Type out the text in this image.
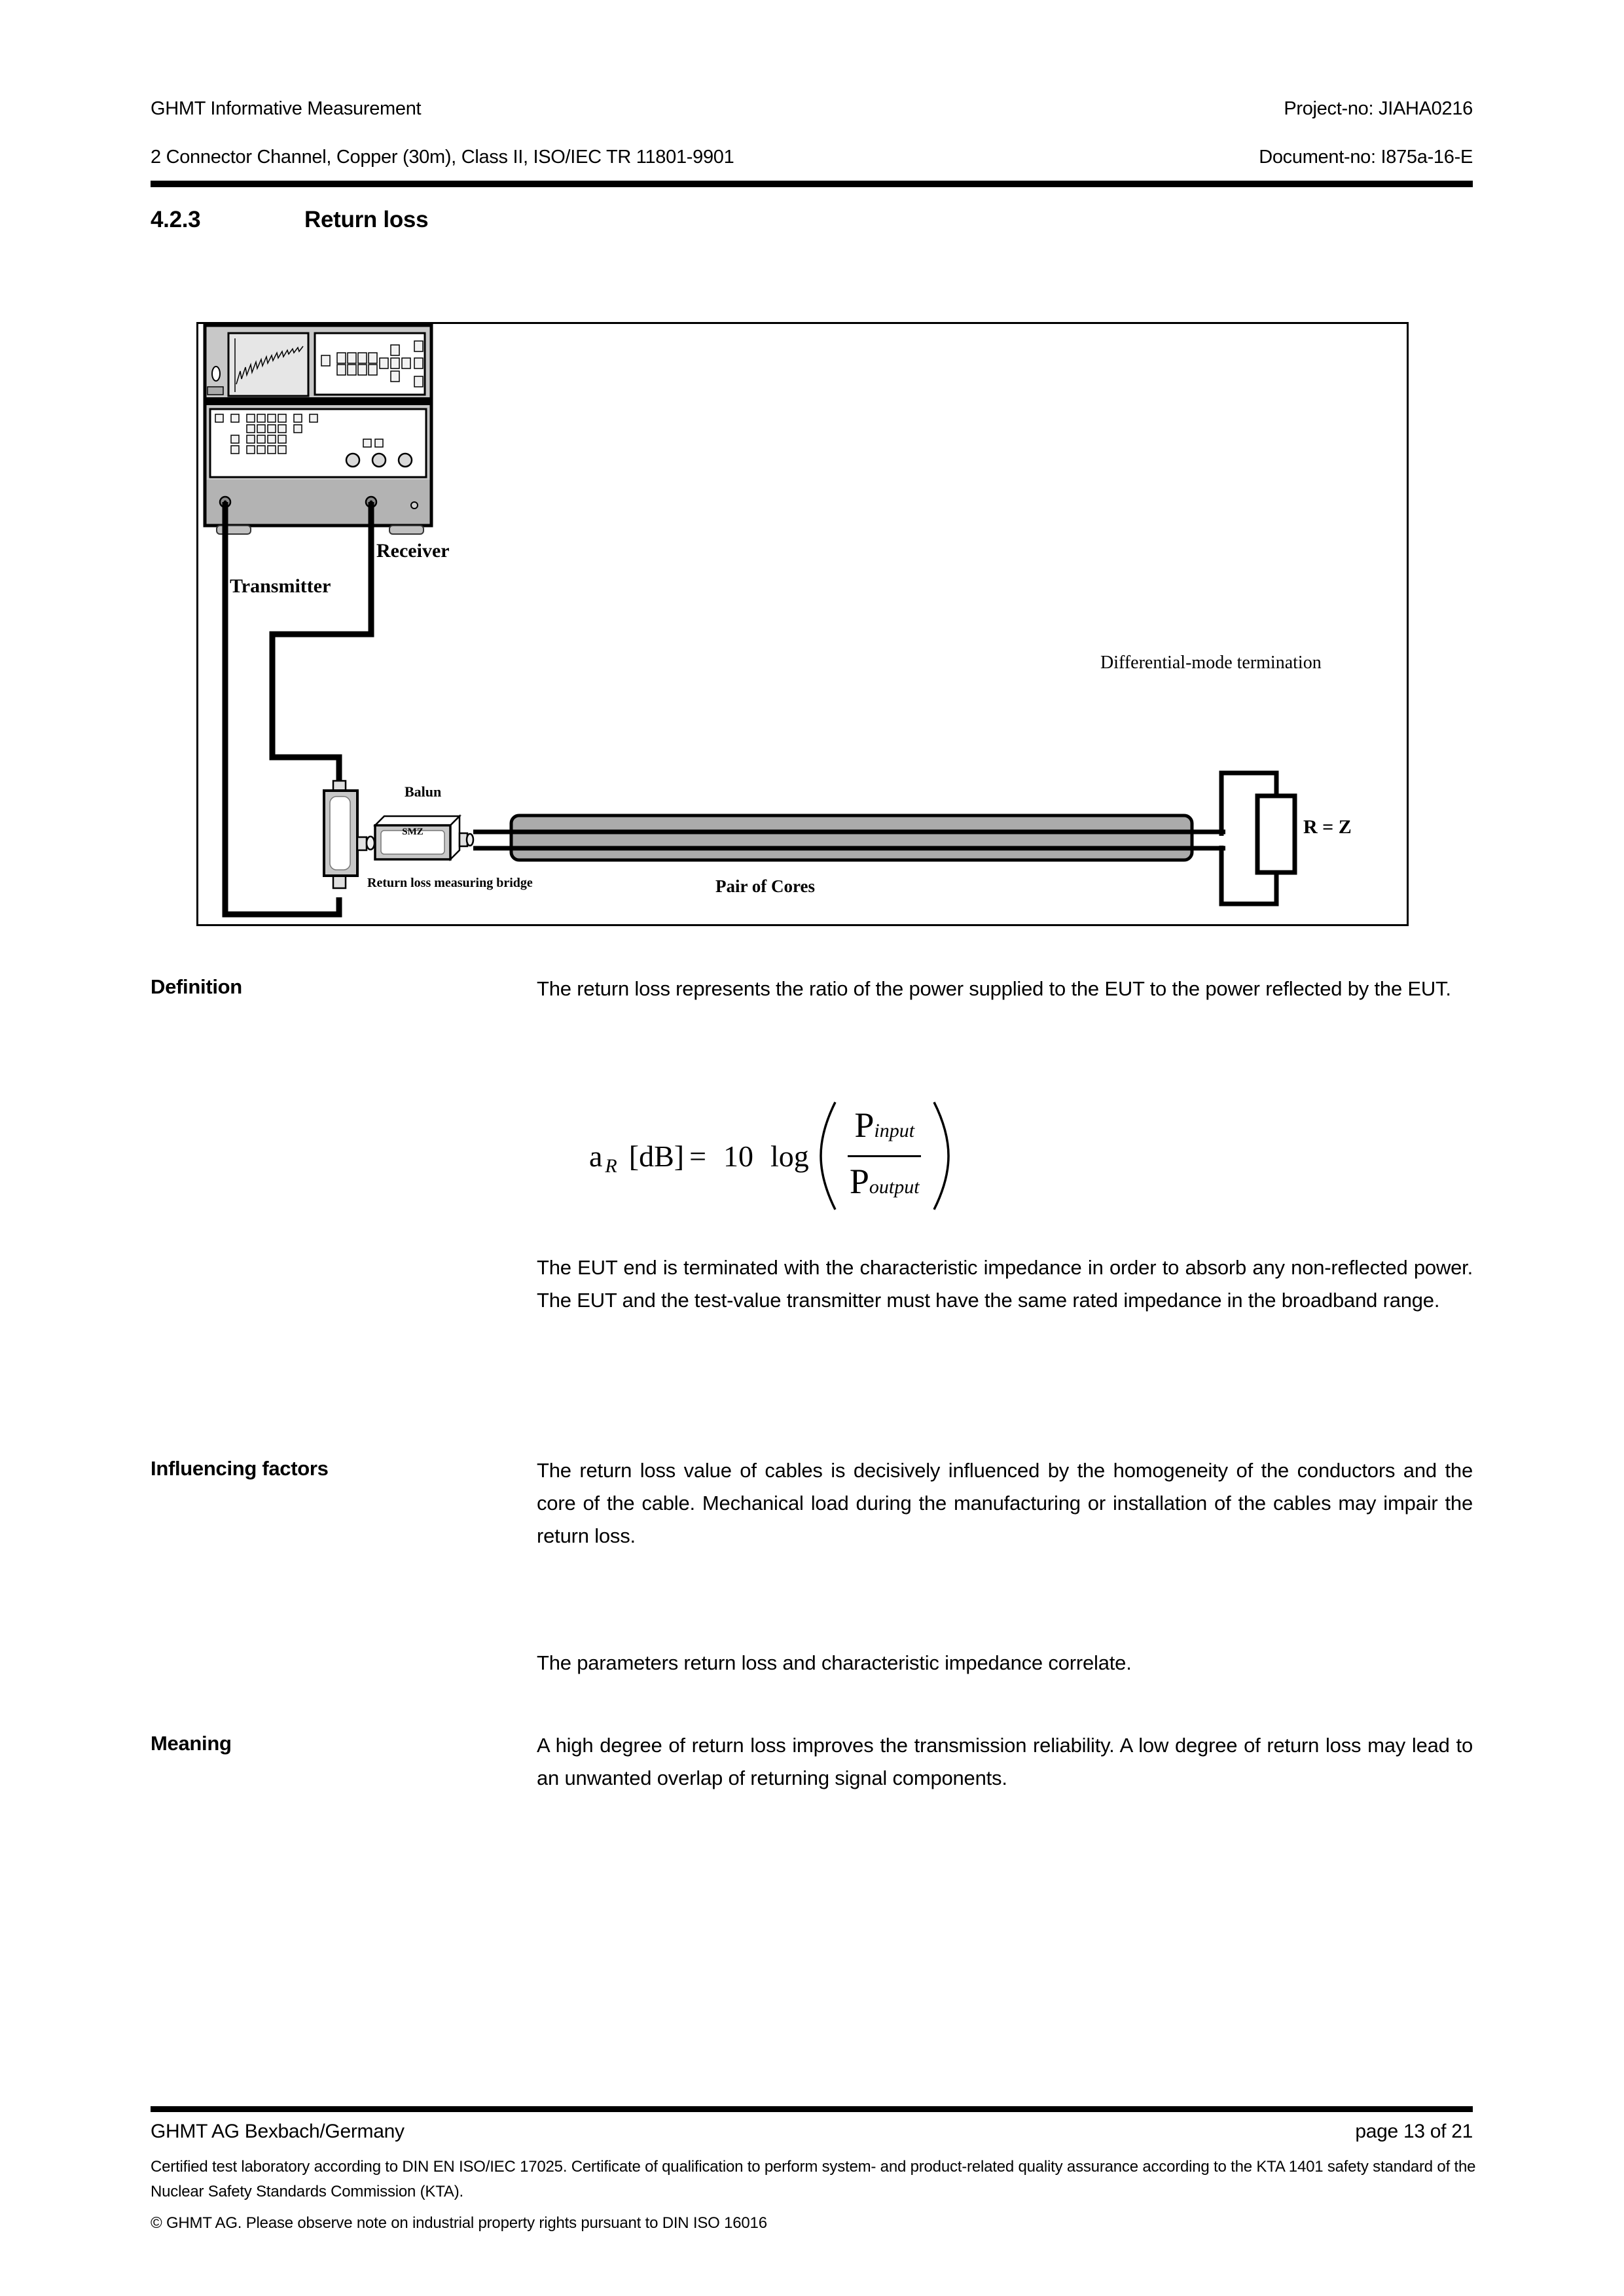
GHMT Informative Measurement	Project-no: JIAHA0216
2 Connector Channel, Copper (30m), Class II, ISO/IEC TR 11801-9901	Document-no: I875a-16-E
4.2.3	Return loss
Receiver
Transmitter
Balun
SMZ
Return loss measuring bridge	Pair of Cores
Differential-mode termination
R = Z
Definition	The return loss represents the ratio of the power supplied to the EUT to the power reflected by the EUT.
a R [dB] = 10 $\log \frac{\text{Pinput}}{\text{Poutput}}$
The EUT end is terminated with the characteristic impedance in order to absorb any non-reflected power. The EUT and the test-value transmitter must have the same rated impedance in the broadband range.
Influencing factors	The return loss value of cables is decisively influenced by the homogeneity of the conductors and the core of the cable. Mechanical load during the manufacturing or installation of the cables may impair the return loss.
The parameters return loss and characteristic impedance correlate.
Meaning	A high degree of return loss improves the transmission reliability. A low degree of return loss may lead to an unwanted overlap of returning signal components.
GHMT AG Bexbach/Germany	page 13 of 21
Certified test laboratory according to DIN EN ISO/IEC 17025. Certificate of qualification to perform system- and product-related quality assurance according to the KTA 1401 safety standard of the Nuclear Safety Standards Commission (KTA).
© GHMT AG. Please observe note on industrial property rights pursuant to DIN ISO 16016
